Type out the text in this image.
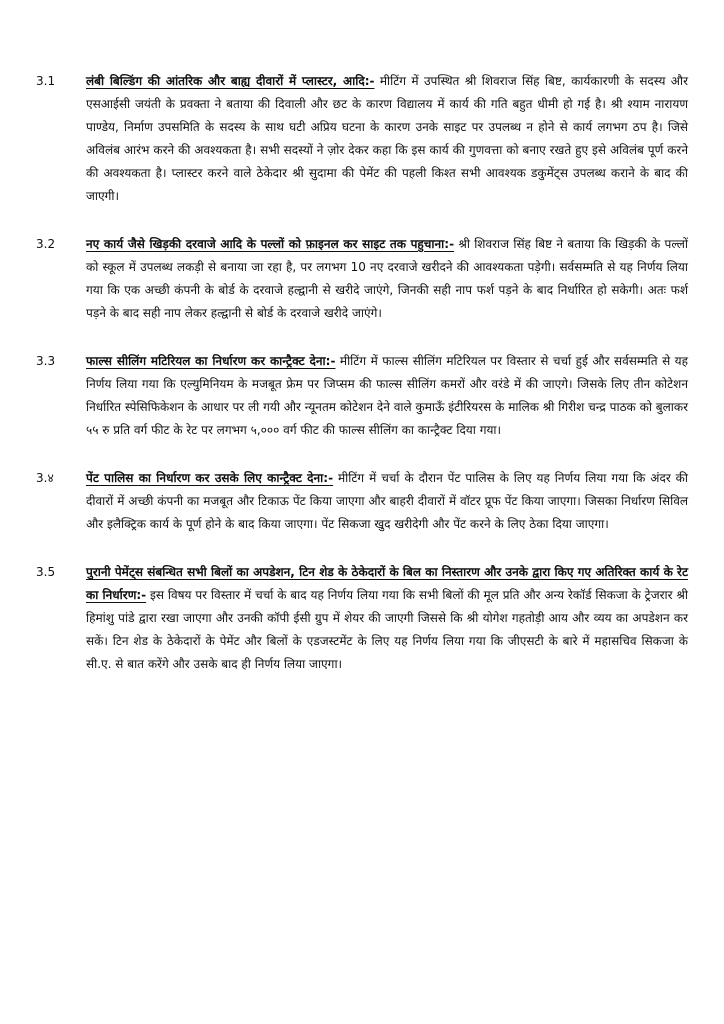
3.1	लंबी बिल्डिंग की आंतरिक और बाह्य दीवारों में प्लास्टर, आदि:- मीटिंग में उपस्थित श्री शिवराज सिंह बिष्ट, कार्यकारणी के सदस्य और एसआईसी जयंती के प्रवक्ता ने बताया की दिवाली और छट के कारण विद्यालय में कार्य की गति बहुत धीमी हो गई है। श्री श्याम नारायण पाण्डेय, निर्माण उपसमिति के सदस्य के साथ घटी अप्रिय घटना के कारण उनके साइट पर उपलब्ध न होने से कार्य लगभग ठप है। जिसे अविलंब आरंभ करने की अवश्यकता है। सभी सदस्यों ने ज़ोर देकर कहा कि इस कार्य की गुणवत्ता को बनाए रखते हुए इसे अविलंब पूर्ण करने की अवश्यकता है। प्लास्टर करने वाले ठेकेदार श्री सुदामा की पेमेंट की पहली किश्त सभी आवश्यक डकुमेंट्स उपलब्ध कराने के बाद की जाएगी।
3.2	नए कार्य जैसे खिड़की दरवाजे आदि के पल्लों को फ़ाइनल कर साइट तक पहुचाना:- श्री शिवराज सिंह बिष्ट ने बताया कि खिड़की के पल्लों को स्कूल में उपलब्ध लकड़ी से बनाया जा रहा है, पर लगभग 10 नए दरवाजे खरीदने की आवश्यकता पड़ेगी। सर्वसम्मति से यह निर्णय लिया गया कि एक अच्छी कंपनी के बोर्ड के दरवाजे हल्द्वानी से खरीदे जाएंगे, जिनकी सही नाप फर्श पड़ने के बाद निर्धारित हो सकेगी। अतः फर्श पड़ने के बाद सही नाप लेकर हल्द्वानी से बोर्ड के दरवाजे खरीदे जाएंगे।
3.3	फाल्स सीलिंग मटिरियल का निर्धारण कर कान्ट्रैक्ट देना:- मीटिंग में फाल्स सीलिंग मटिरियल पर विस्तार से चर्चा हुई और सर्वसम्मति से यह निर्णय लिया गया कि एल्युमिनियम के मजबूत फ्रेम पर जिप्सम की फाल्स सीलिंग कमरों और वरंडे में की जाएगे। जिसके लिए तीन कोटेशन निर्धारित स्पेसिफिकेशन के आधार पर ली गयी और न्यूनतम कोटेशन देने वाले कुमाऊँ इंटीरियरस के मालिक श्री गिरीश चन्द्र पाठक को बुलाकर ५५ रु प्रति वर्ग फीट के रेट पर लगभग ५,००० वर्ग फीट की फाल्स सीलिंग का कान्ट्रैक्ट दिया गया।
3.४	पेंट पालिस का निर्धारण कर उसके लिए कान्ट्रैक्ट देना:- मीटिंग में चर्चा के दौरान पेंट पालिस के लिए यह निर्णय लिया गया कि अंदर की दीवारों में अच्छी कंपनी का मजबूत और टिकाऊ पेंट किया जाएगा और बाहरी दीवारों में वॉटर प्रूफ पेंट किया जाएगा। जिसका निर्धारण सिविल और इलैक्ट्रिक कार्य के पूर्ण होने के बाद किया जाएगा। पेंट सिकजा खुद खरीदेगी और पेंट करने के लिए ठेका दिया जाएगा।
3.5	पुरानी पेमेंट्स संबन्धित सभी बिलों का अपडेशन, टिन शेड के ठेकेदारों के बिल का निस्तारण और उनके द्वारा किए गए अतिरिक्त कार्य के रेट का निर्धारण:- इस विषय पर विस्तार में चर्चा के बाद यह निर्णय लिया गया कि सभी बिलों की मूल प्रति और अन्य रेकॉर्ड सिकजा के ट्रेजरार श्री हिमांशु पांडे द्वारा रखा जाएगा और उनकी कॉपी ईसी ग्रुप में शेयर की जाएगी जिससे कि श्री योगेश गहतोड़ी आय और व्यय का अपडेशन कर सकें। टिन शेड के ठेकेदारों के पेमेंट और बिलों के एडजस्टमेंट के लिए यह निर्णय लिया गया कि जीएसटी के बारे में महासचिव सिकजा के सी.ए. से बात करेंगे और उसके बाद ही निर्णय लिया जाएगा।
